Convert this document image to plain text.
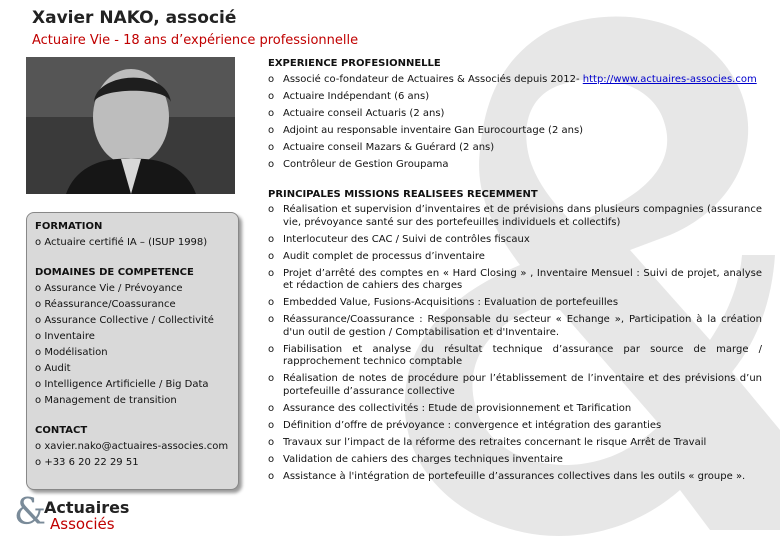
Xavier NAKO, associé
Actuaire Vie - 18 ans d’expérience professionnelle
FORMATION
o Actuaire certifié IA – (ISUP 1998)
DOMAINES DE COMPETENCE
o Assurance Vie / Prévoyance
o Réassurance/Coassurance
o Assurance Collective / Collectivité
o Inventaire
o Modélisation
o Audit
o Intelligence Artificielle / Big Data
o Management de transition
CONTACT
o xavier.nako@actuaires-associes.com
o +33 6 20 22 29 51
EXPERIENCE PROFESIONNELLE
o Associé co-fondateur de Actuaires & Associés depuis 2012- http://www.actuaires-associes.com
o Actuaire Indépendant (6 ans)
o Actuaire conseil Actuaris (2 ans)
o Adjoint au responsable inventaire Gan Eurocourtage (2 ans)
o Actuaire conseil Mazars & Guérard (2 ans)
o Contrôleur de Gestion Groupama
PRINCIPALES MISSIONS REALISEES RECEMMENT
o Réalisation et supervision d’inventaires et de prévisions dans plusieurs compagnies (assurance vie, prévoyance santé sur des portefeuilles individuels et collectifs)
o Interlocuteur des CAC / Suivi de contrôles fiscaux
o Audit complet de processus d’inventaire
o Projet d’arrêté des comptes en « Hard Closing » , Inventaire Mensuel : Suivi de projet, analyse et rédaction de cahiers des charges
o Embedded Value, Fusions-Acquisitions : Evaluation de portefeuilles
o Réassurance/Coassurance : Responsable du secteur « Echange », Participation à la création d'un outil de gestion / Comptabilisation et d'Inventaire.
o Fiabilisation et analyse du résultat technique d’assurance par source de marge / rapprochement technico comptable
o Réalisation de notes de procédure pour l’établissement de l’inventaire et des prévisions d’un portefeuille d’assurance collective
o Assurance des collectivités : Etude de provisionnement et Tarification
o Définition d’offre de prévoyance : convergence et intégration des garanties
o Travaux sur l’impact de la réforme des retraites concernant le risque Arrêt de Travail
o Validation de cahiers des charges techniques inventaire
o Assistance à l'intégration de portefeuille d’assurances collectives dans les outils « groupe ».
&
Actuaires
Associés
